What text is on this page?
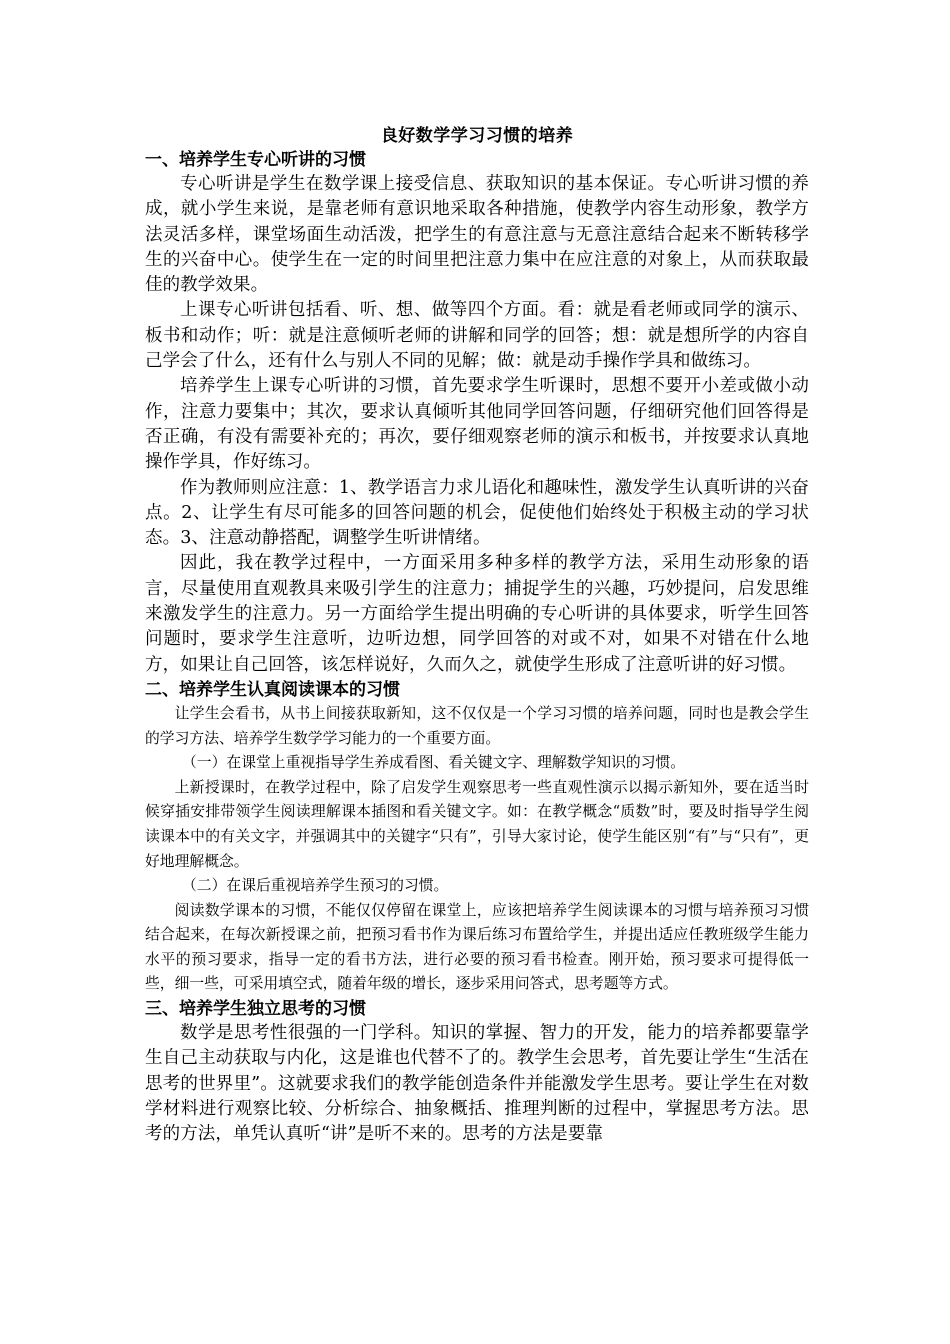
良好数学学习习惯的培养
一、培养学生专心听讲的习惯

专心听讲是学生在数学课上接受信息、获取知识的基本保证。专心听讲习惯的养成，就小学生来说，是靠老师有意识地采取各种措施，使教学内容生动形象，教学方法灵活多样，课堂场面生动活泼，把学生的有意注意与无意注意结合起来不断转移学生的兴奋中心。使学生在一定的时间里把注意力集中在应注意的对象上，从而获取最佳的教学效果。

上课专心听讲包括看、听、想、做等四个方面。看：就是看老师或同学的演示、板书和动作；听：就是注意倾听老师的讲解和同学的回答；想：就是想所学的内容自己学会了什么，还有什么与别人不同的见解；做：就是动手操作学具和做练习。

培养学生上课专心听讲的习惯，首先要求学生听课时，思想不要开小差或做小动作，注意力要集中；其次，要求认真倾听其他同学回答问题，仔细研究他们回答得是否正确，有没有需要补充的；再次，要仔细观察老师的演示和板书，并按要求认真地操作学具，作好练习。

作为教师则应注意：1、教学语言力求儿语化和趣味性，激发学生认真听讲的兴奋点。2、让学生有尽可能多的回答问题的机会，促使他们始终处于积极主动的学习状态。3、注意动静搭配，调整学生听讲情绪。

因此，我在教学过程中，一方面采用多种多样的教学方法，采用生动形象的语言，尽量使用直观教具来吸引学生的注意力；捕捉学生的兴趣，巧妙提问，启发思维来激发学生的注意力。另一方面给学生提出明确的专心听讲的具体要求，听学生回答问题时，要求学生注意听，边听边想，同学回答的对或不对，如果不对错在什么地方，如果让自己回答，该怎样说好，久而久之，就使学生形成了注意听讲的好习惯。

二、培养学生认真阅读课本的习惯

让学生会看书，从书上间接获取新知，这不仅仅是一个学习习惯的培养问题，同时也是教会学生的学习方法、培养学生数学学习能力的一个重要方面。

（一）在课堂上重视指导学生养成看图、看关键文字、理解数学知识的习惯。

上新授课时，在教学过程中，除了启发学生观察思考一些直观性演示以揭示新知外，要在适当时候穿插安排带领学生阅读理解课本插图和看关键文字。如：在教学概念“质数”时，要及时指导学生阅读课本中的有关文字，并强调其中的关键字“只有”，引导大家讨论，使学生能区别“有”与“只有”，更好地理解概念。

（二）在课后重视培养学生预习的习惯。

阅读数学课本的习惯，不能仅仅停留在课堂上，应该把培养学生阅读课本的习惯与培养预习习惯结合起来，在每次新授课之前，把预习看书作为课后练习布置给学生，并提出适应任教班级学生能力水平的预习要求，指导一定的看书方法，进行必要的预习看书检查。刚开始，预习要求可提得低一些，细一些，可采用填空式，随着年级的增长，逐步采用问答式，思考题等方式。

三、培养学生独立思考的习惯

数学是思考性很强的一门学科。知识的掌握、智力的开发，能力的培养都要靠学生自己主动获取与内化，这是谁也代替不了的。教学生会思考，首先要让学生“生活在思考的世界里”。这就要求我们的教学能创造条件并能激发学生思考。要让学生在对数学材料进行观察比较、分析综合、抽象概括、推理判断的过程中，掌握思考方法。思考的方法，单凭认真听“讲”是听不来的。思考的方法是要靠
